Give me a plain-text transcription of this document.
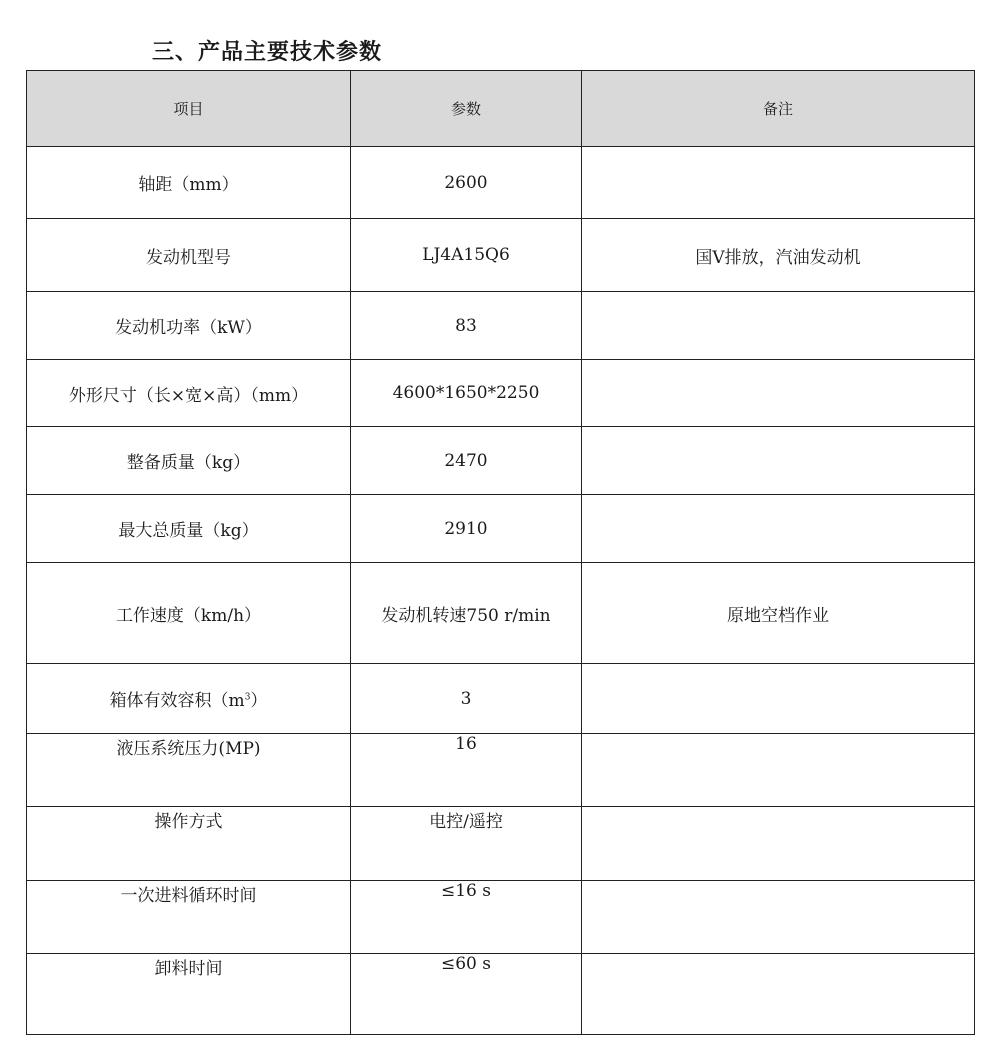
三、产品主要技术参数
项目	参数	备注
轴距（mm）	2600	
发动机型号	LJ4A15Q6	国Ⅴ排放，汽油发动机
发动机功率（kW）	83	
外形尺寸（长×宽×高）（mm）	4600*1650*2250	
整备质量（kg）	2470	
最大总质量（kg）	2910	
工作速度（km/h）	发动机转速750 r/min	原地空档作业
箱体有效容积$(m^3)$	3	
液压系统压力(MP)	16	
操作方式	电控/遥控	
一次进料循环时间	≤16 s	
卸料时间	≤60 s	
